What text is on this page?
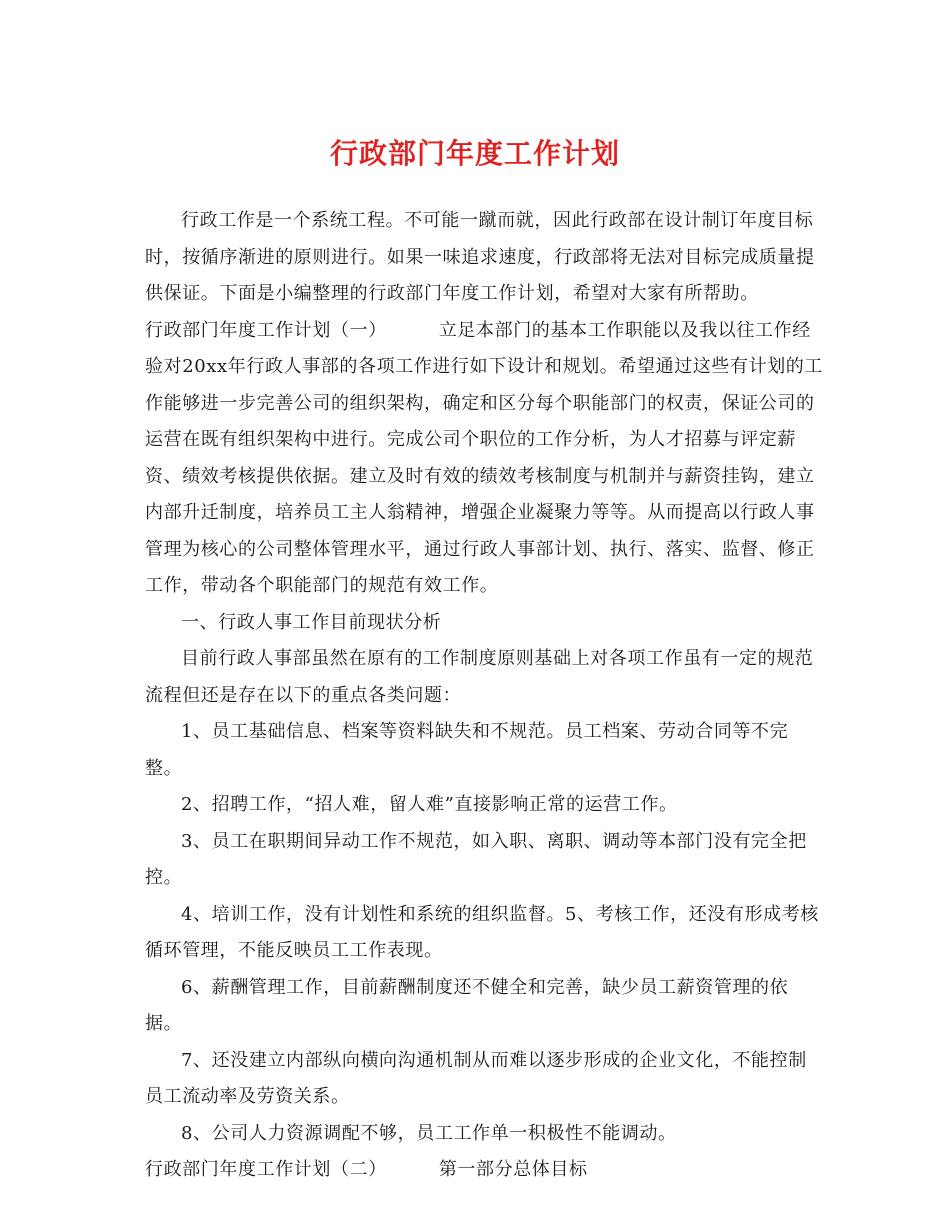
行政部门年度工作计划

行政工作是一个系统工程。不可能一蹴而就，因此行政部在设计制订年度目标时，按循序渐进的原则进行。如果一味追求速度，行政部将无法对目标完成质量提供保证。下面是小编整理的行政部门年度工作计划，希望对大家有所帮助。

行政部门年度工作计划（一）	立足本部门的基本工作职能以及我以往工作经验对20xx年行政人事部的各项工作进行如下设计和规划。希望通过这些有计划的工作能够进一步完善公司的组织架构，确定和区分每个职能部门的权责，保证公司的运营在既有组织架构中进行。完成公司个职位的工作分析，为人才招募与评定薪资、绩效考核提供依据。建立及时有效的绩效考核制度与机制并与薪资挂钩，建立内部升迁制度，培养员工主人翁精神，增强企业凝聚力等等。从而提高以行政人事管理为核心的公司整体管理水平，通过行政人事部计划、执行、落实、监督、修正工作，带动各个职能部门的规范有效工作。

一、行政人事工作目前现状分析

目前行政人事部虽然在原有的工作制度原则基础上对各项工作虽有一定的规范流程但还是存在以下的重点各类问题：

1、员工基础信息、档案等资料缺失和不规范。员工档案、劳动合同等不完整。

2、招聘工作，“招人难，留人难”直接影响正常的运营工作。

3、员工在职期间异动工作不规范，如入职、离职、调动等本部门没有完全把控。

4、培训工作，没有计划性和系统的组织监督。5、考核工作，还没有形成考核循环管理，不能反映员工工作表现。

6、薪酬管理工作，目前薪酬制度还不健全和完善，缺少员工薪资管理的依据。

7、还没建立内部纵向横向沟通机制从而难以逐步形成的企业文化，不能控制员工流动率及劳资关系。

8、公司人力资源调配不够，员工工作单一积极性不能调动。

行政部门年度工作计划（二）	第一部分总体目标
